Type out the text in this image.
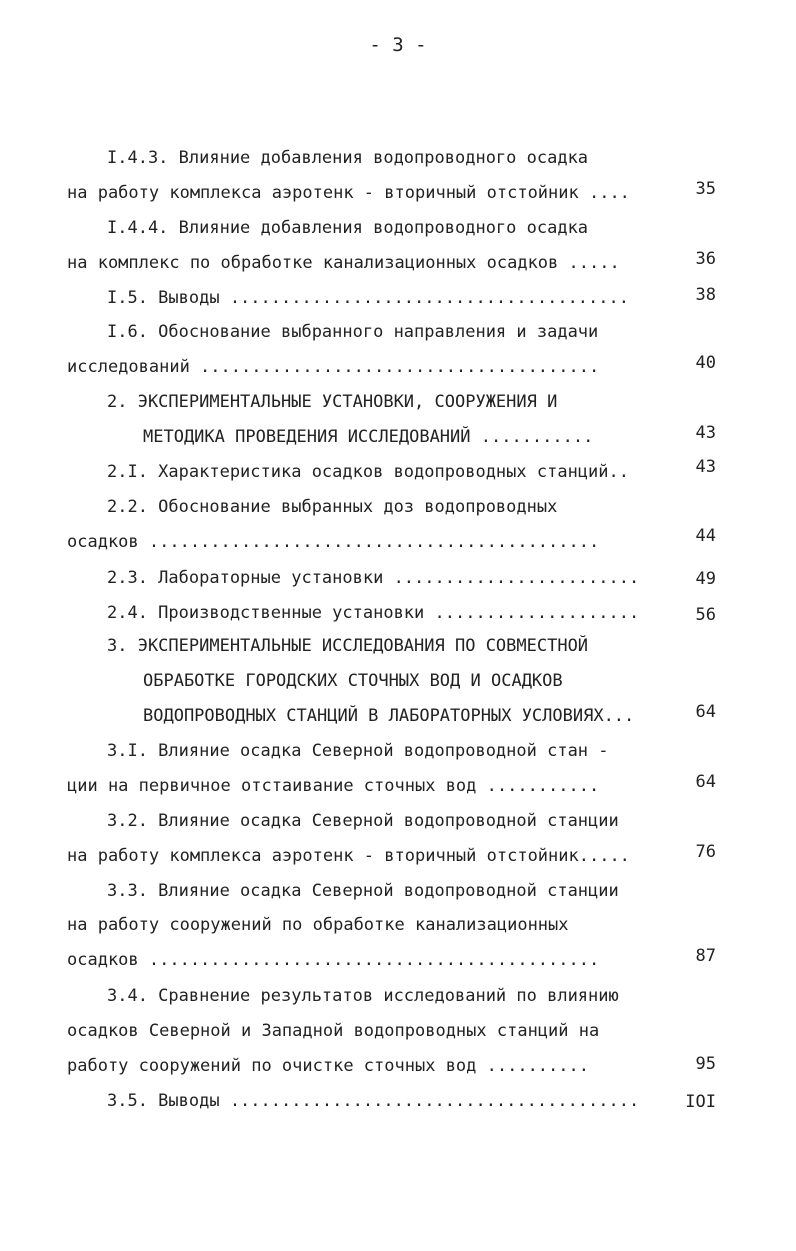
- 3 -
I.4.3. Влияние добавления водопроводного осадка
на работу комплекса аэротенк - вторичный отстойник ....	35
I.4.4. Влияние добавления водопроводного осадка
на комплекс по обработке канализационных осадков .....	36
I.5. Выводы .......................................	38
I.6. Обоснование выбранного направления и задачи
исследований .......................................	40
2. ЭКСПЕРИМЕНТАЛЬНЫЕ УСТАНОВКИ, СООРУЖЕНИЯ И
МЕТОДИКА ПРОВЕДЕНИЯ ИССЛЕДОВАНИЙ ...........	43
2.I. Характеристика осадков водопроводных станций..	43
2.2. Обоснование выбранных доз водопроводных
осадков ............................................	44
2.3. Лабораторные установки ........................	49
2.4. Производственные установки ....................	56
3. ЭКСПЕРИМЕНТАЛЬНЫЕ ИССЛЕДОВАНИЯ ПО СОВМЕСТНОЙ
ОБРАБОТКЕ ГОРОДСКИХ СТОЧНЫХ ВОД И ОСАДКОВ
ВОДОПРОВОДНЫХ СТАНЦИЙ В ЛАБОРАТОРНЫХ УСЛОВИЯХ...	64
3.I. Влияние осадка Северной водопроводной стан -
ции на первичное отстаивание сточных вод ...........	64
3.2. Влияние осадка Северной водопроводной станции
на работу комплекса аэротенк - вторичный отстойник.....	76
3.3. Влияние осадка Северной водопроводной станции
на работу сооружений по обработке канализационных
осадков ............................................	87
3.4. Сравнение результатов исследований по влиянию
осадков Северной и Западной водопроводных станций на
работу сооружений по очистке сточных вод ..........	95
3.5. Выводы ........................................	IOI
